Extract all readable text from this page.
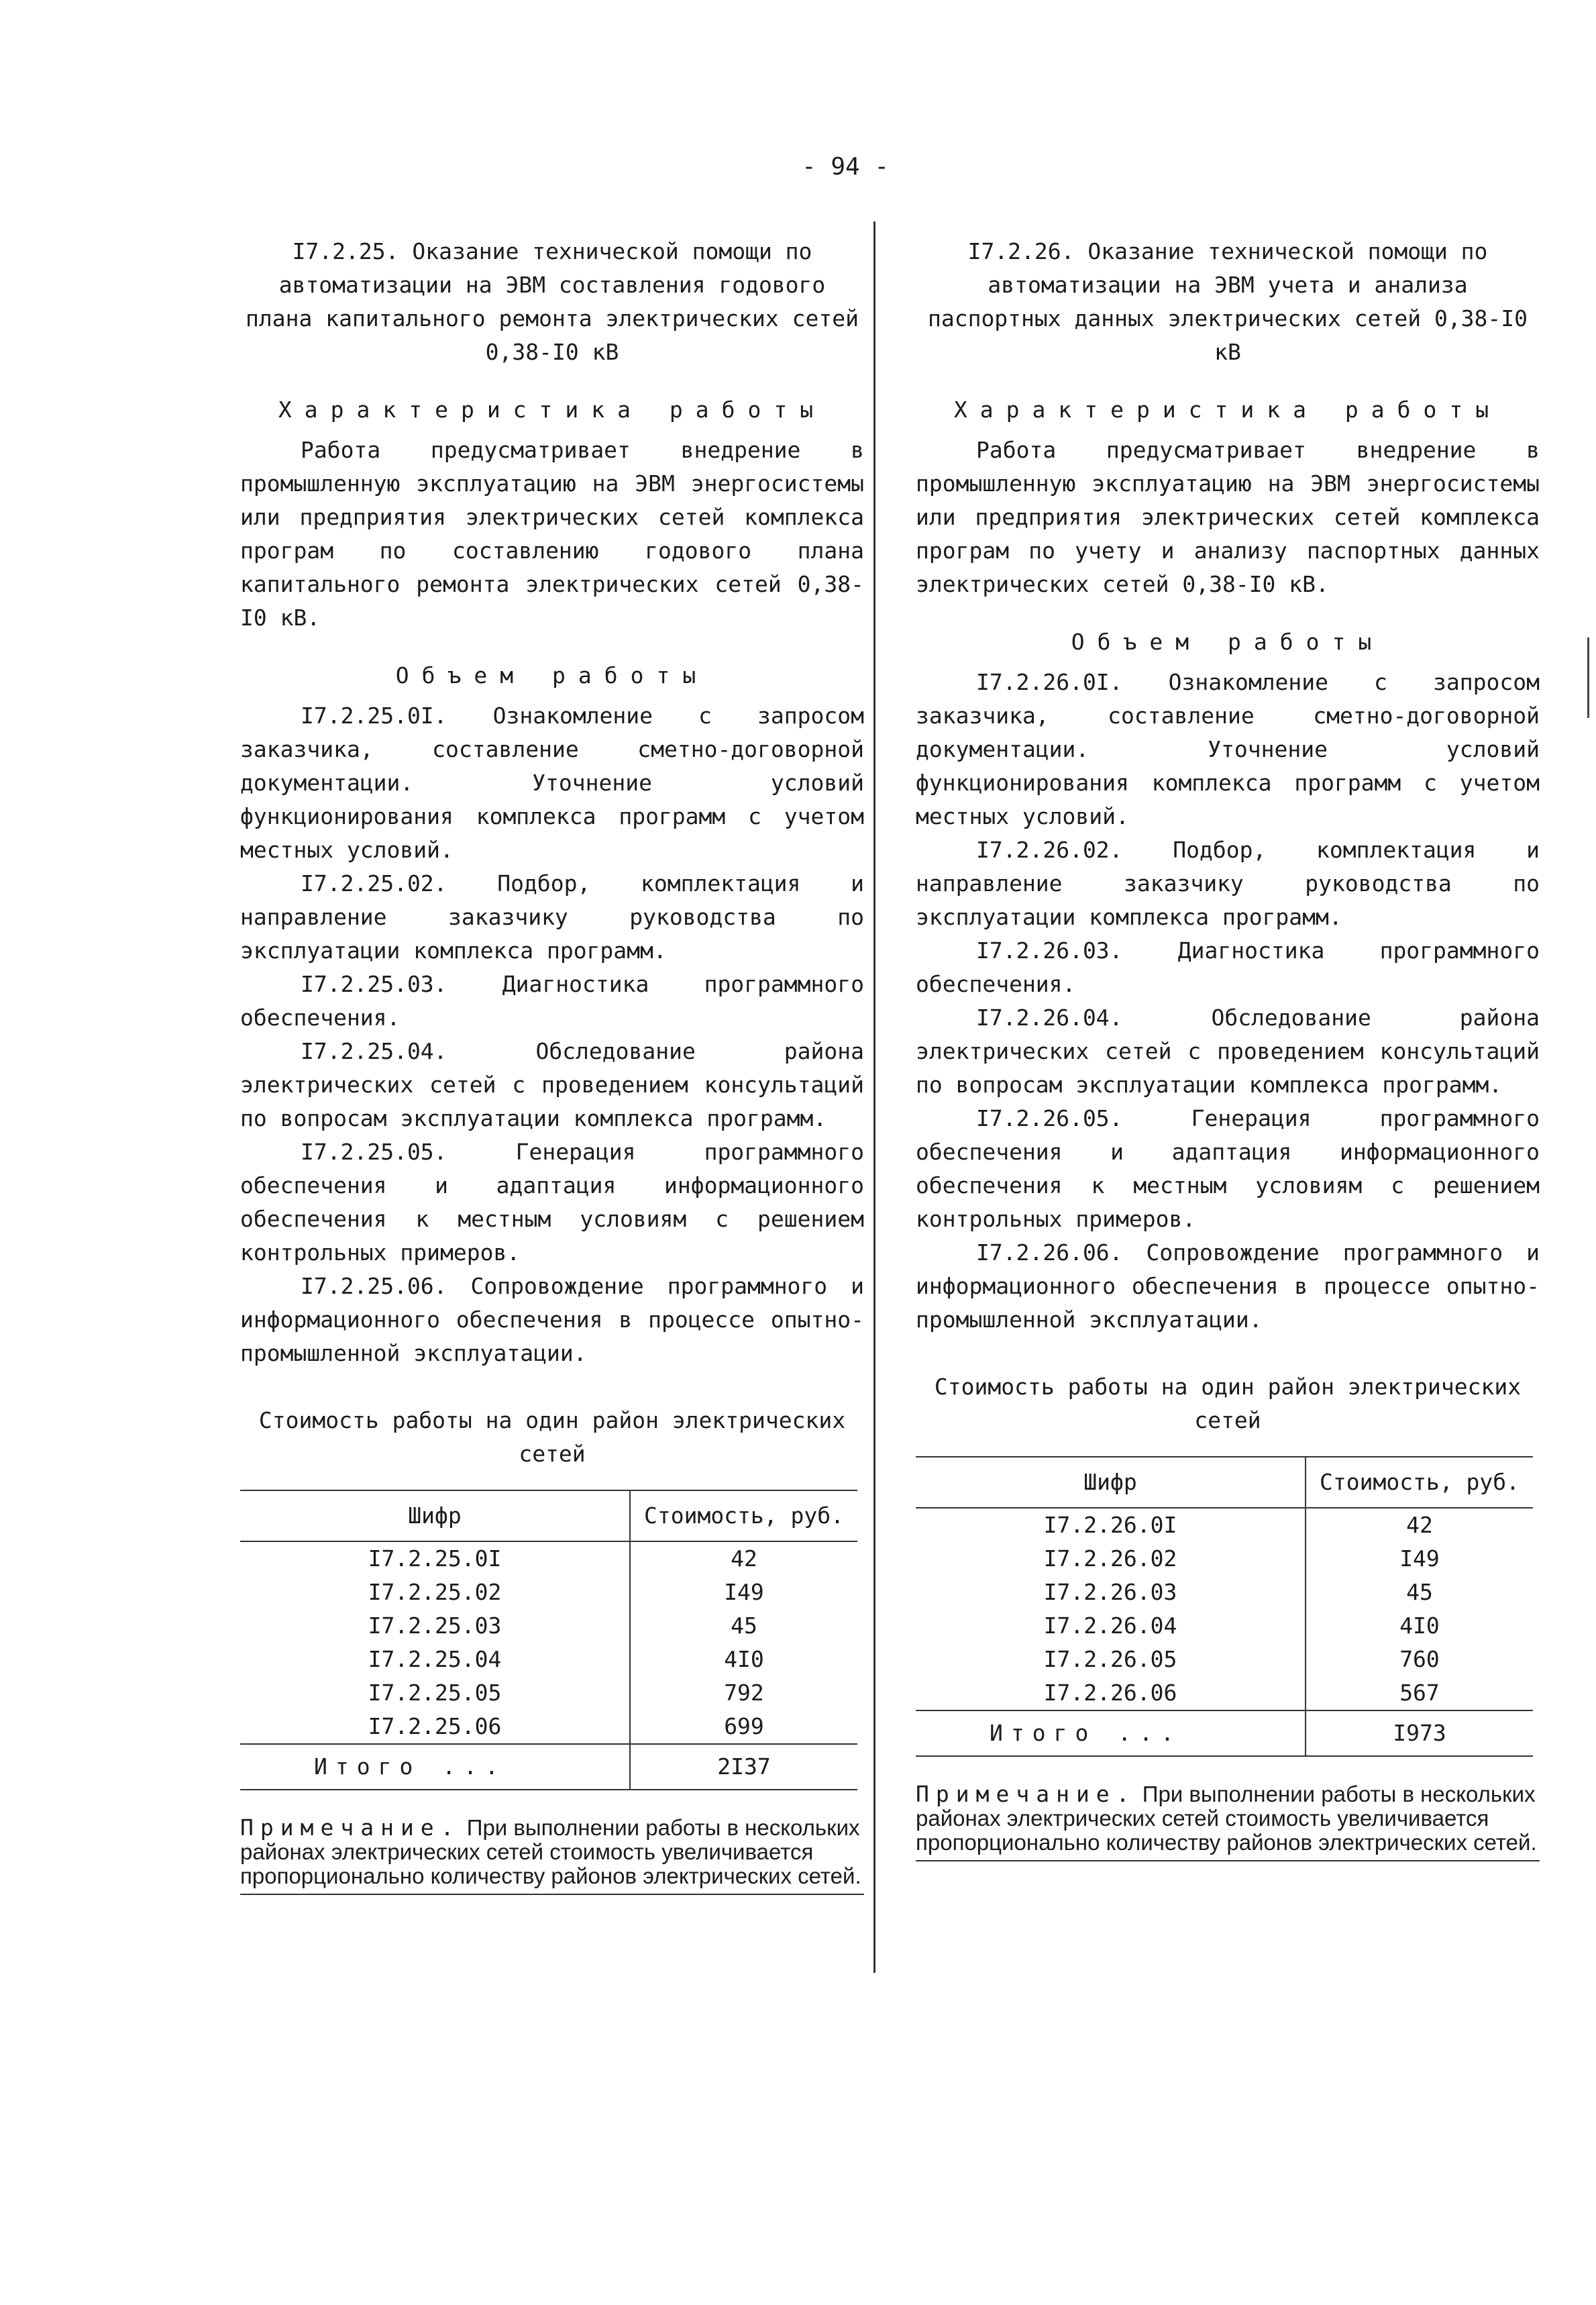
- 94 -

I7.2.25. Оказание технической помощи по автоматизации на ЭВМ составления годового плана капитального ремонта электрических сетей 0,38-I0 кВ

Характеристика работы

Работа предусматривает внедрение в промышленную эксплуатацию на ЭВМ энергосистемы или предприятия электрических сетей комплекса програм по составлению годового плана капитального ремонта электрических сетей 0,38-I0 кВ.

Объем работы

I7.2.25.0I. Ознакомление с запросом заказчика, составление сметно-договорной документации. Уточнение условий функционирования комплекса программ с учетом местных условий.

I7.2.25.02. Подбор, комплектация и направление заказчику руководства по эксплуатации комплекса программ.

I7.2.25.03. Диагностика программного обеспечения.

I7.2.25.04. Обследование района электрических сетей с проведением консультаций по вопросам эксплуатации комплекса программ.

I7.2.25.05. Генерация программного обеспечения и адаптация информационного обеспечения к местным условиям с решением контрольных примеров.

I7.2.25.06. Сопровождение программного и информационного обеспечения в процессе опытно-промышленной эксплуатации.

Стоимость работы на один район электрических сетей

Шифр	Стоимость, руб.
I7.2.25.0I	42
I7.2.25.02	I49
I7.2.25.03	45
I7.2.25.04	4I0
I7.2.25.05	792
I7.2.25.06	699
Итого ...	2I37
Примечание. При выполнении работы в нескольких районах электрических сетей стоимость увеличивается пропорционально количеству районов электрических сетей.

I7.2.26. Оказание технической помощи по автоматизации на ЭВМ учета и анализа паспортных данных электрических сетей 0,38-I0 кВ

Характеристика работы

Работа предусматривает внедрение в промышленную эксплуатацию на ЭВМ энергосистемы или предприятия электрических сетей комплекса програм по учету и анализу паспортных данных электрических сетей 0,38-I0 кВ.

Объем работы

I7.2.26.0I. Ознакомление с запросом заказчика, составление сметно-договорной документации. Уточнение условий функционирования комплекса программ с учетом местных условий.

I7.2.26.02. Подбор, комплектация и направление заказчику руководства по эксплуатации комплекса программ.

I7.2.26.03. Диагностика программного обеспечения.

I7.2.26.04. Обследование района электрических сетей с проведением консультаций по вопросам эксплуатации комплекса программ.

I7.2.26.05. Генерация программного обеспечения и адаптация информационного обеспечения к местным условиям с решением контрольных примеров.

I7.2.26.06. Сопровождение программного и информационного обеспечения в процессе опытно-промышленной эксплуатации.

Стоимость работы на один район электрических сетей

Шифр	Стоимость, руб.
I7.2.26.0I	42
I7.2.26.02	I49
I7.2.26.03	45
I7.2.26.04	4I0
I7.2.26.05	760
I7.2.26.06	567
Итого ...	I973
Примечание. При выполнении работы в нескольких районах электрических сетей стоимость увеличивается пропорционально количеству районов электрических сетей.
